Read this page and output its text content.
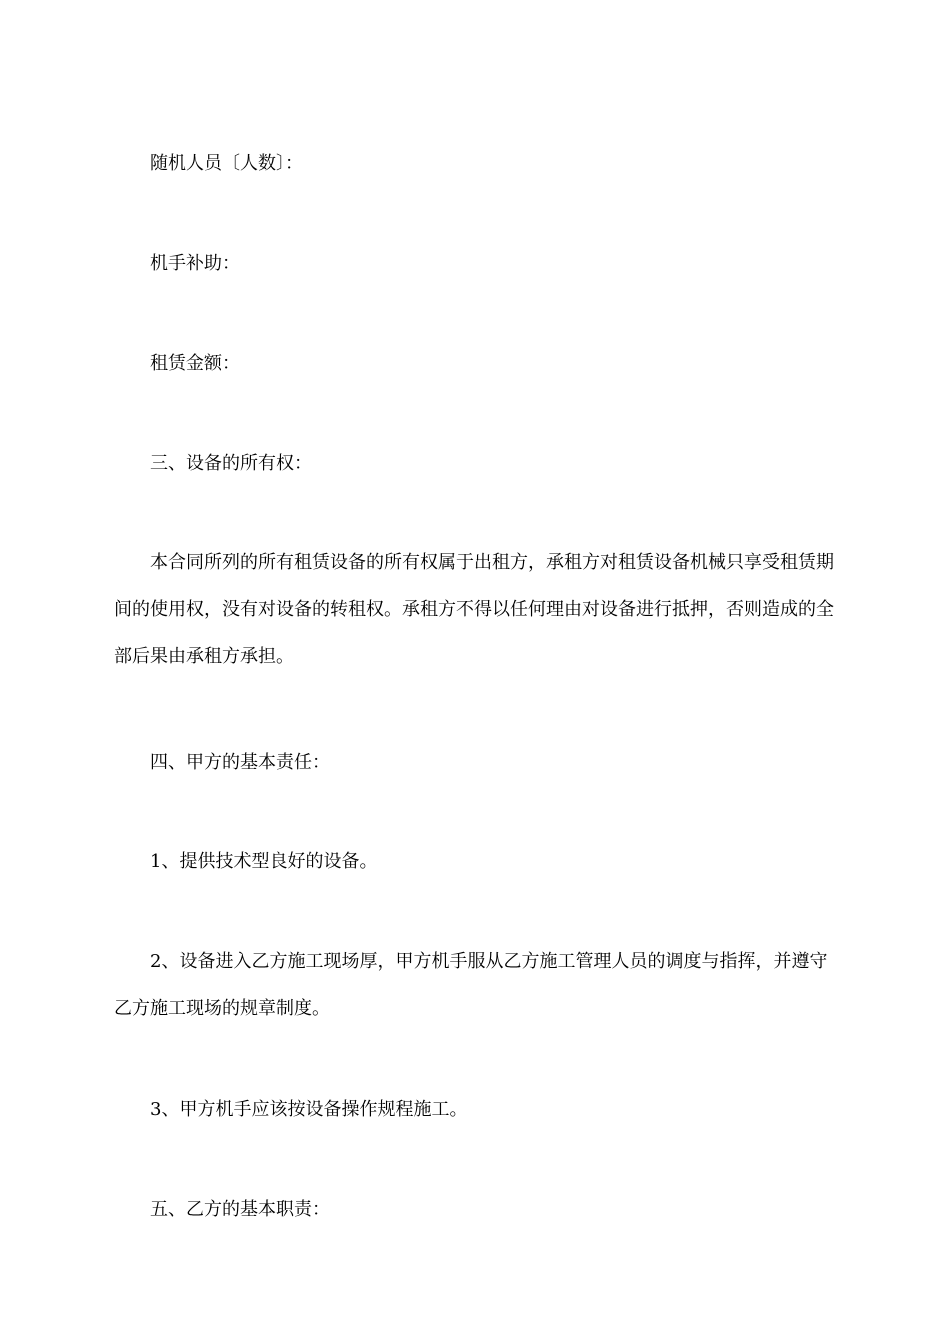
随机人员〔人数〕：

机手补助：

租赁金额：

三、设备的所有权：

本合同所列的所有租赁设备的所有权属于出租方，承租方对租赁设备机械只享受租赁期间的使用权，没有对设备的转租权。承租方不得以任何理由对设备进行抵押，否则造成的全部后果由承租方承担。

四、甲方的基本责任：

1、提供技术型良好的设备。

2、设备进入乙方施工现场厚，甲方机手服从乙方施工管理人员的调度与指挥，并遵守乙方施工现场的规章制度。

3、甲方机手应该按设备操作规程施工。

五、乙方的基本职责：
